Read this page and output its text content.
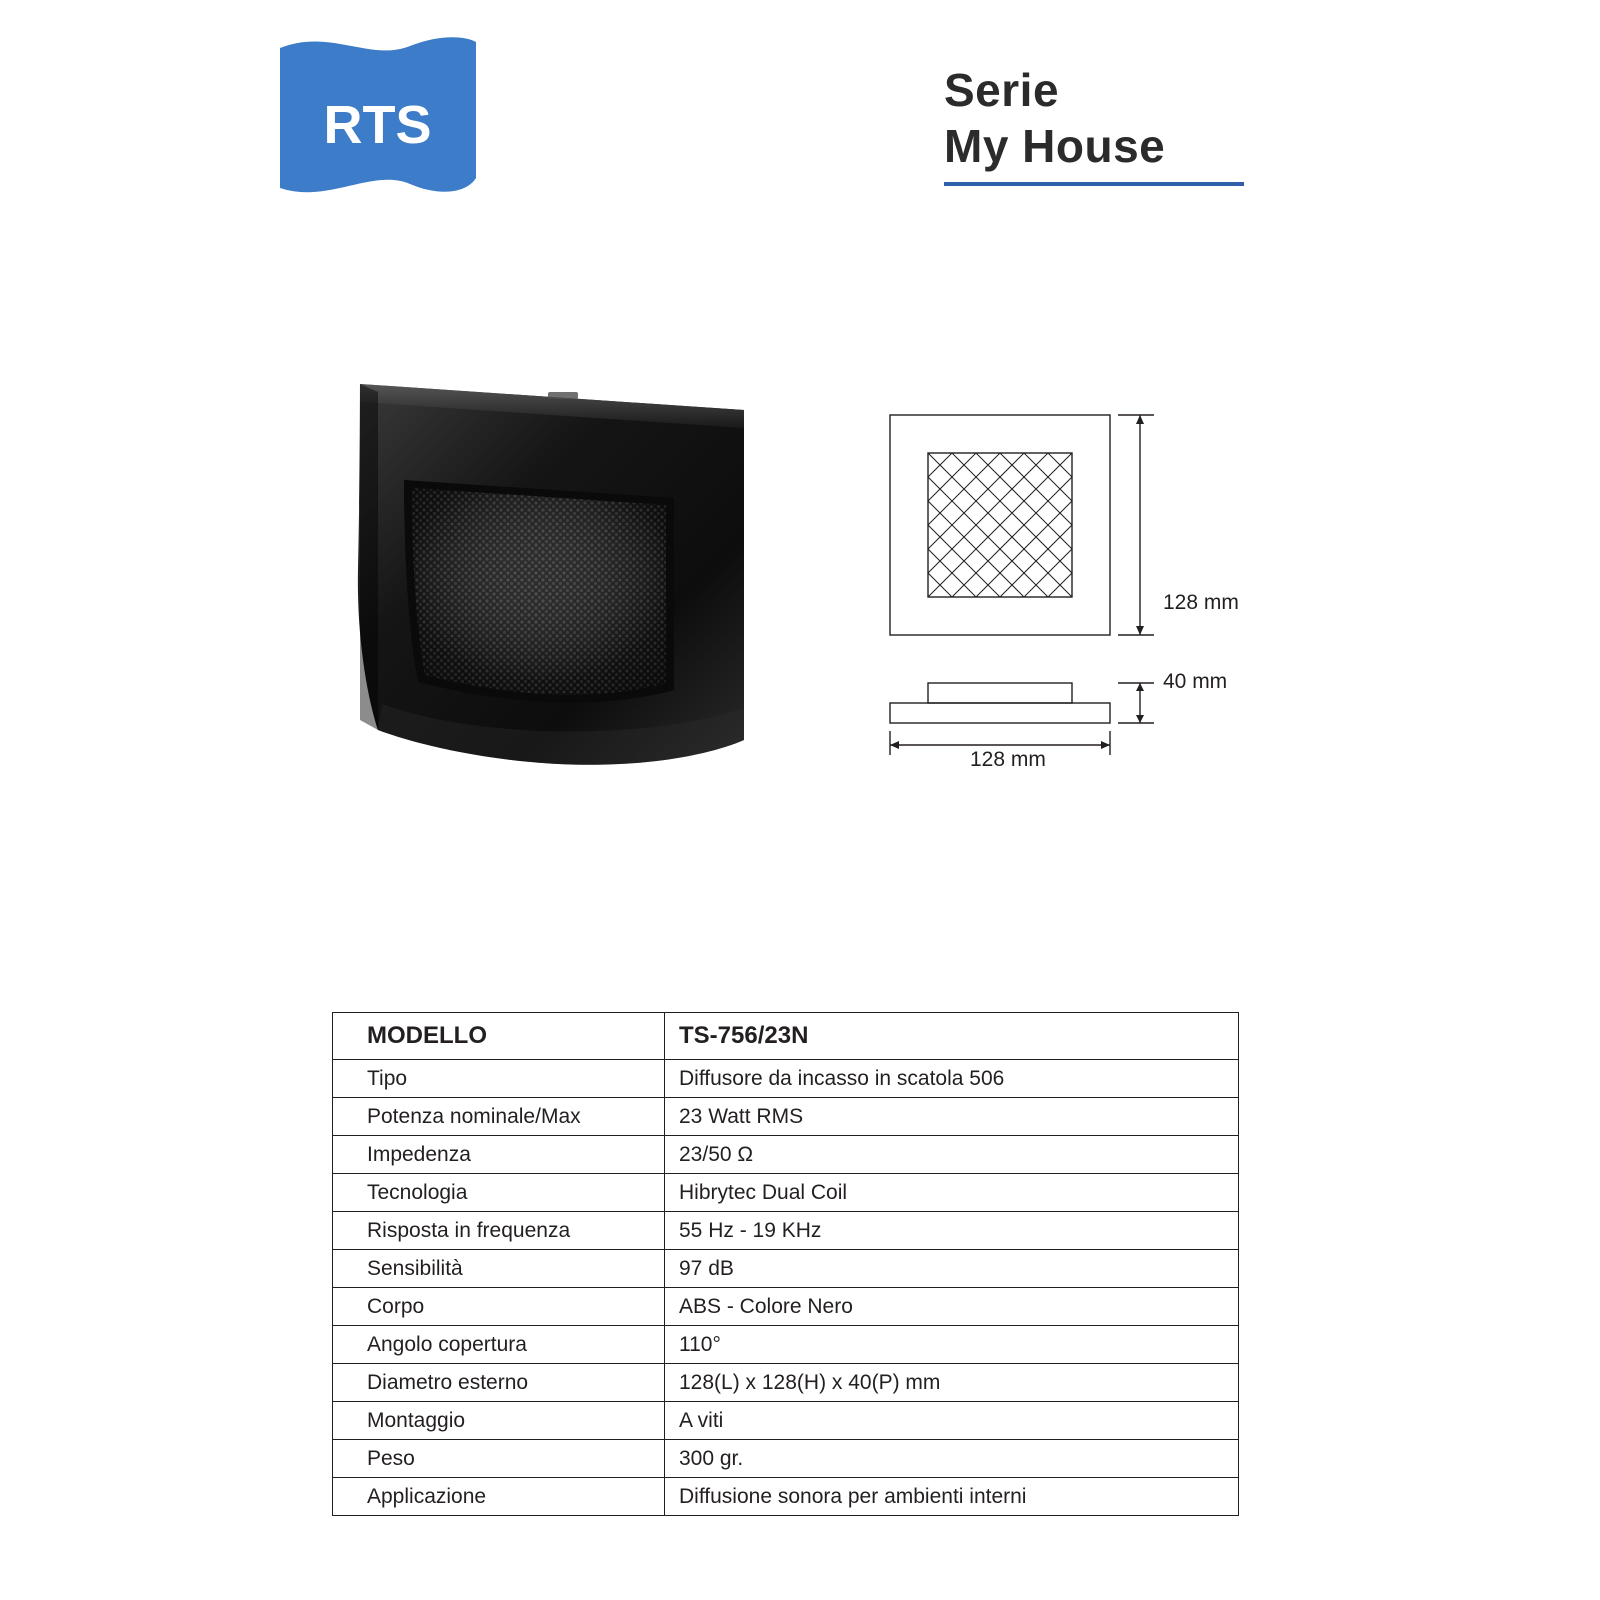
RTS
Serie
My House
128 mm
40 mm
128 mm
MODELLO	TS-756/23N
Tipo	Diffusore da incasso in scatola 506
Potenza nominale/Max	23 Watt RMS
Impedenza	23/50 Ω
Tecnologia	Hibrytec Dual Coil
Risposta in frequenza	55 Hz - 19 KHz
Sensibilità	97 dB
Corpo	ABS - Colore Nero
Angolo copertura	110°
Diametro esterno	128(L) x 128(H) x 40(P) mm
Montaggio	A viti
Peso	300 gr.
Applicazione	Diffusione sonora per ambienti interni
